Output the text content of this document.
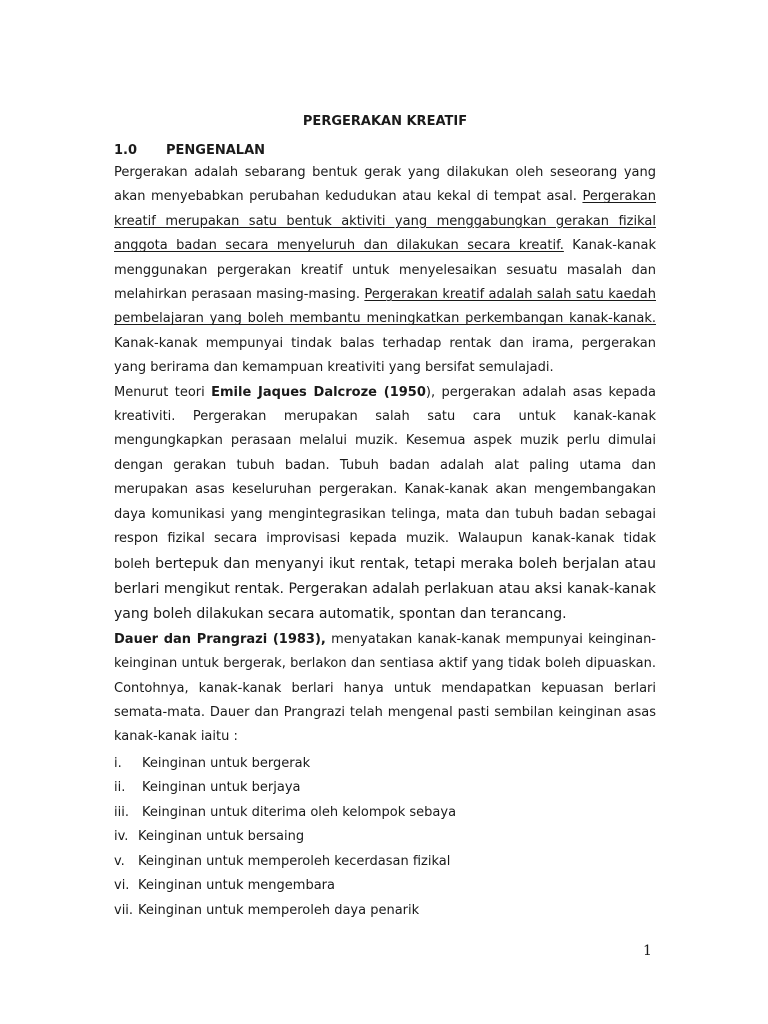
PERGERAKAN KREATIF
1.0	PENGENALAN

Pergerakan adalah sebarang bentuk gerak yang dilakukan oleh seseorang yang akan menyebabkan perubahan kedudukan atau kekal di tempat asal. Pergerakan kreatif merupakan satu bentuk aktiviti yang menggabungkan gerakan fizikal anggota badan secara menyeluruh dan dilakukan secara kreatif. Kanak-kanak menggunakan pergerakan kreatif untuk menyelesaikan sesuatu masalah dan melahirkan perasaan masing-masing. Pergerakan kreatif adalah salah satu kaedah pembelajaran yang boleh membantu meningkatkan perkembangan kanak-kanak. Kanak-kanak mempunyai tindak balas terhadap rentak dan irama, pergerakan yang berirama dan kemampuan kreativiti yang bersifat semulajadi.

Menurut teori Emile Jaques Dalcroze (1950), pergerakan adalah asas kepada kreativiti. Pergerakan merupakan salah satu cara untuk kanak-kanak mengungkapkan perasaan melalui muzik. Kesemua aspek muzik perlu dimulai dengan gerakan tubuh badan. Tubuh badan adalah alat paling utama dan merupakan asas keseluruhan pergerakan. Kanak-kanak akan mengembangakan daya komunikasi yang mengintegrasikan telinga, mata dan tubuh badan sebagai respon fizikal secara improvisasi kepada muzik. Walaupun kanak-kanak tidak boleh bertepuk dan menyanyi ikut rentak, tetapi meraka boleh berjalan atau berlari mengikut rentak. Pergerakan adalah perlakuan atau aksi kanak-kanak yang boleh dilakukan secara automatik, spontan dan terancang.

Dauer dan Prangrazi (1983), menyatakan kanak-kanak mempunyai keinginan-keinginan untuk bergerak, berlakon dan sentiasa aktif yang tidak boleh dipuaskan. Contohnya, kanak-kanak berlari hanya untuk mendapatkan kepuasan berlari semata-mata. Dauer dan Prangrazi telah mengenal pasti sembilan keinginan asas kanak-kanak iaitu :

i.	Keinginan untuk bergerak
ii.	Keinginan untuk berjaya
iii.	Keinginan untuk diterima oleh kelompok sebaya
iv. Keinginan untuk bersaing
v.	Keinginan untuk memperoleh kecerdasan fizikal
vi. Keinginan untuk mengembara
vii. Keinginan untuk memperoleh daya penarik
1
